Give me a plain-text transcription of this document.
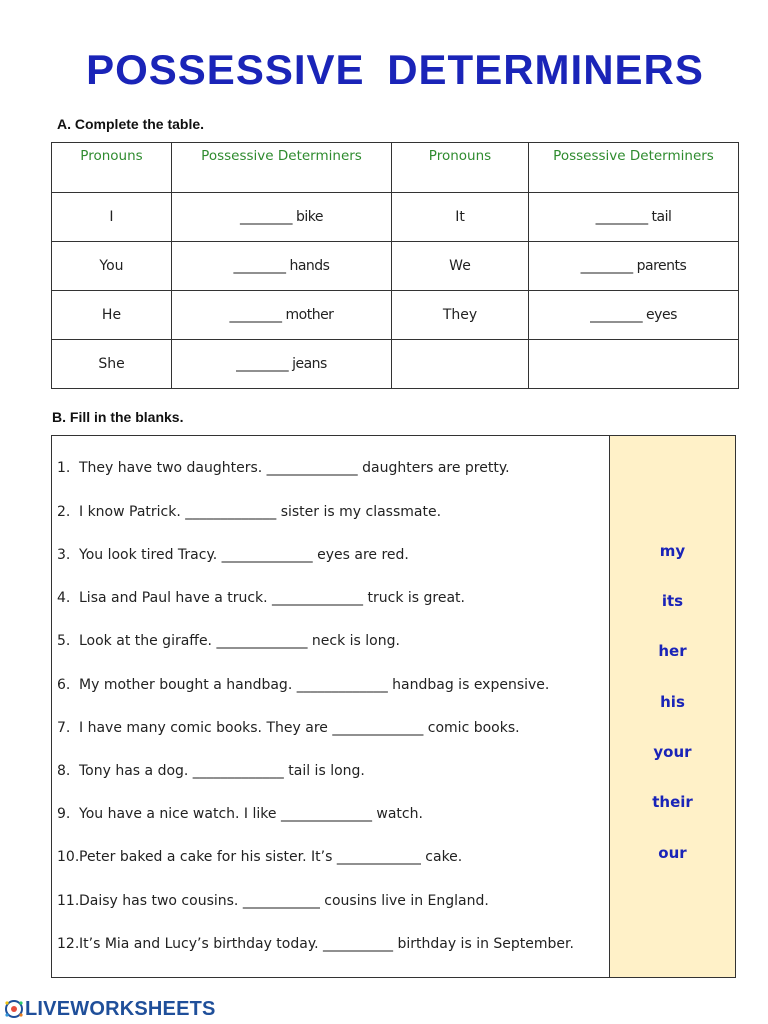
POSSESSIVE DETERMINERS
A. Complete the table.
Pronouns	Possessive Determiners	Pronouns	Possessive Determiners
I	________ bike	It	________ tail
You	________ hands	We	________ parents
He	________ mother	They	________ eyes
She	________ jeans		
B. Fill in the blanks.
1. They have two daughters. _____________ daughters are pretty.
2. I know Patrick. _____________ sister is my classmate.
3. You look tired Tracy. _____________ eyes are red.
4. Lisa and Paul have a truck. _____________ truck is great.
5. Look at the giraffe. _____________ neck is long.
6. My mother bought a handbag. _____________ handbag is expensive.
7. I have many comic books. They are _____________ comic books.
8. Tony has a dog. _____________ tail is long.
9. You have a nice watch. I like _____________ watch.
10.Peter baked a cake for his sister. It’s ____________ cake.
11.Daisy has two cousins. ___________ cousins live in England.
12.It’s Mia and Lucy’s birthday today. __________ birthday is in September.
my
its
her
his
your
their
our
LIVEWORKSHEETS
